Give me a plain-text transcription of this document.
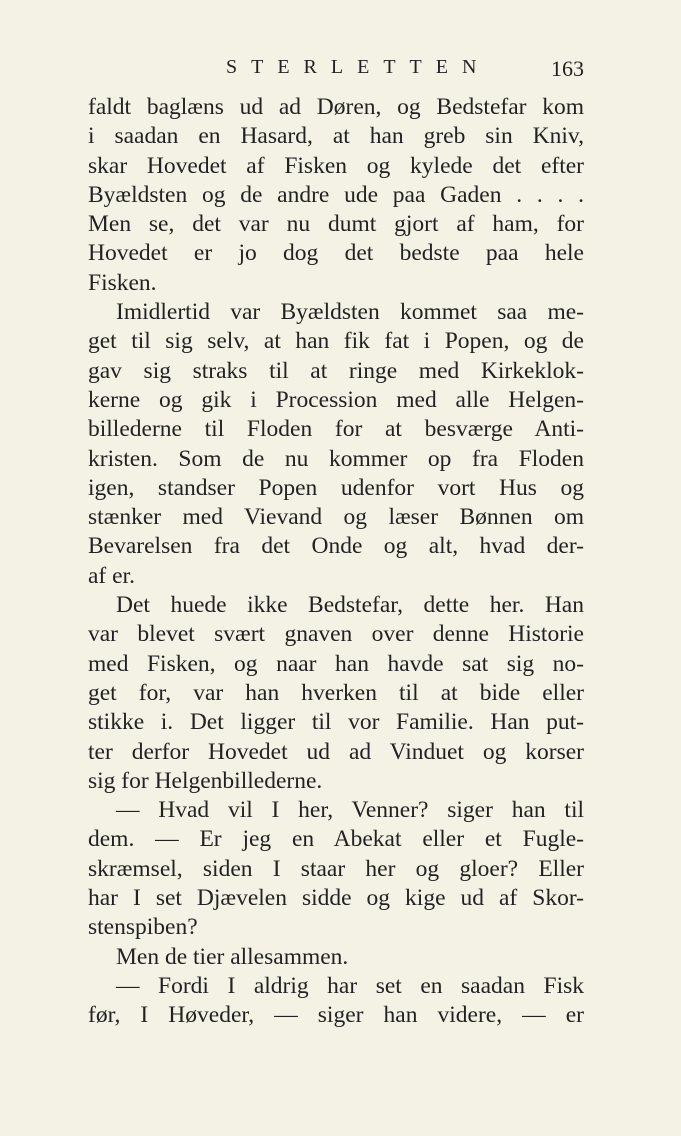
STERLETTEN	163
faldt baglæns ud ad Døren, og Bedstefar kom
i saadan en Hasard, at han greb sin Kniv,
skar Hovedet af Fisken og kylede det efter
Byældsten og de andre ude paa Gaden . . . .
Men se, det var nu dumt gjort af ham, for
Hovedet er jo dog det bedste paa hele
Fisken.
Imidlertid var Byældsten kommet saa me-
get til sig selv, at han fik fat i Popen, og de
gav sig straks til at ringe med Kirkeklok-
kerne og gik i Procession med alle Helgen-
billederne til Floden for at besværge Anti-
kristen. Som de nu kommer op fra Floden
igen, standser Popen udenfor vort Hus og
stænker med Vievand og læser Bønnen om
Bevarelsen fra det Onde og alt, hvad der-
af er.
Det huede ikke Bedstefar, dette her. Han
var blevet svært gnaven over denne Historie
med Fisken, og naar han havde sat sig no-
get for, var han hverken til at bide eller
stikke i. Det ligger til vor Familie. Han put-
ter derfor Hovedet ud ad Vinduet og korser
sig for Helgenbillederne.
— Hvad vil I her, Venner? siger han til
dem. — Er jeg en Abekat eller et Fugle-
skræmsel, siden I staar her og gloer? Eller
har I set Djævelen sidde og kige ud af Skor-
stenspiben?
Men de tier allesammen.
— Fordi I aldrig har set en saadan Fisk
før, I Høveder, — siger han videre, — er
